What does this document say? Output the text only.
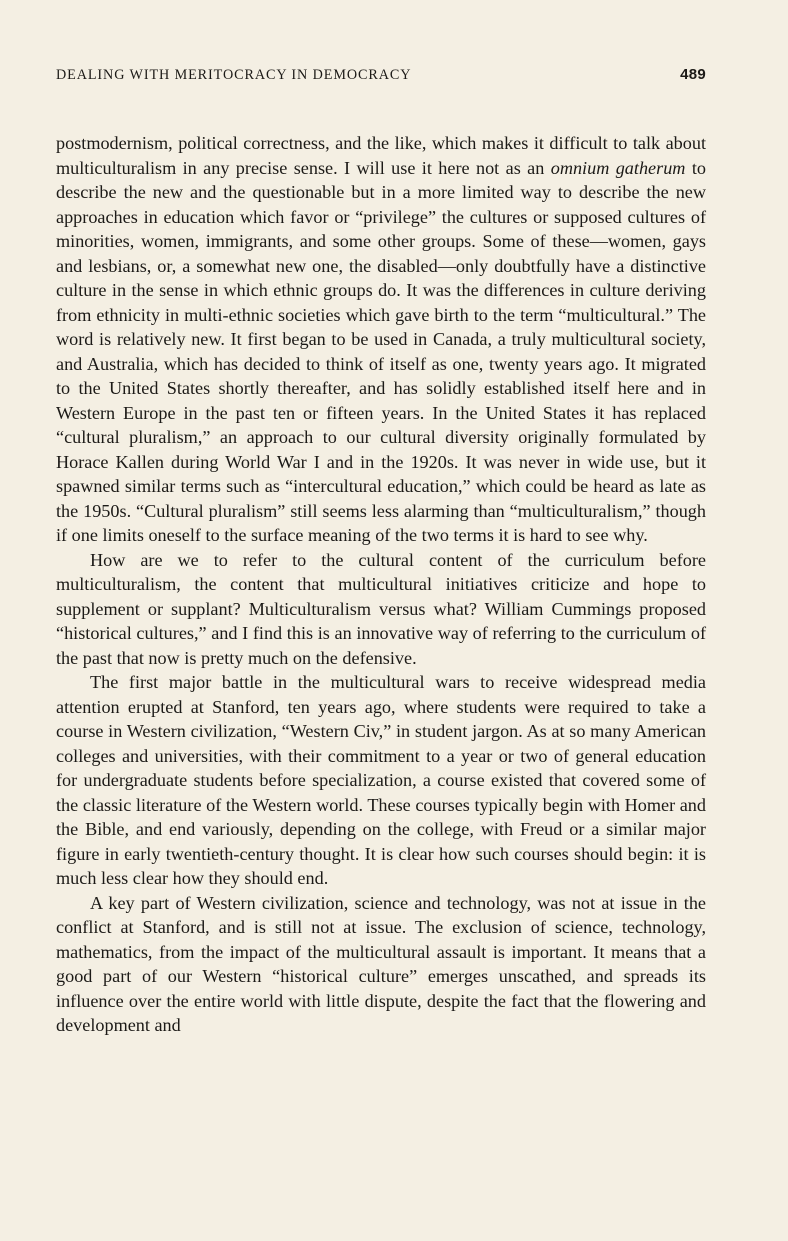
DEALING WITH MERITOCRACY IN DEMOCRACY	489

postmodernism, political correctness, and the like, which makes it difficult to talk about multiculturalism in any precise sense. I will use it here not as an omnium gatherum to describe the new and the questionable but in a more limited way to describe the new approaches in education which favor or “privilege” the cultures or supposed cultures of minorities, women, immigrants, and some other groups. Some of these—women, gays and lesbians, or, a somewhat new one, the disabled—only doubtfully have a distinctive culture in the sense in which ethnic groups do. It was the differences in culture deriving from ethnicity in multi-ethnic societies which gave birth to the term “multicultural.” The word is relatively new. It first began to be used in Canada, a truly multicultural society, and Australia, which has decided to think of itself as one, twenty years ago. It migrated to the United States shortly thereafter, and has solidly established itself here and in Western Europe in the past ten or fifteen years. In the United States it has replaced “cultural pluralism,” an approach to our cultural diversity originally formulated by Horace Kallen during World War I and in the 1920s. It was never in wide use, but it spawned similar terms such as “intercultural education,” which could be heard as late as the 1950s. “Cultural pluralism” still seems less alarming than “multiculturalism,” though if one limits oneself to the surface meaning of the two terms it is hard to see why.

How are we to refer to the cultural content of the curriculum before multiculturalism, the content that multicultural initiatives criticize and hope to supplement or supplant? Multiculturalism versus what? William Cummings proposed “historical cultures,” and I find this is an innovative way of referring to the curriculum of the past that now is pretty much on the defensive.

The first major battle in the multicultural wars to receive widespread media attention erupted at Stanford, ten years ago, where students were required to take a course in Western civilization, “Western Civ,” in student jargon. As at so many American colleges and universities, with their commitment to a year or two of general education for undergraduate students before specialization, a course existed that covered some of the classic literature of the Western world. These courses typically begin with Homer and the Bible, and end variously, depending on the college, with Freud or a similar major figure in early twentieth-century thought. It is clear how such courses should begin: it is much less clear how they should end.

A key part of Western civilization, science and technology, was not at issue in the conflict at Stanford, and is still not at issue. The exclusion of science, technology, mathematics, from the impact of the multicultural assault is important. It means that a good part of our Western “historical culture” emerges unscathed, and spreads its influence over the entire world with little dispute, despite the fact that the flowering and development and
